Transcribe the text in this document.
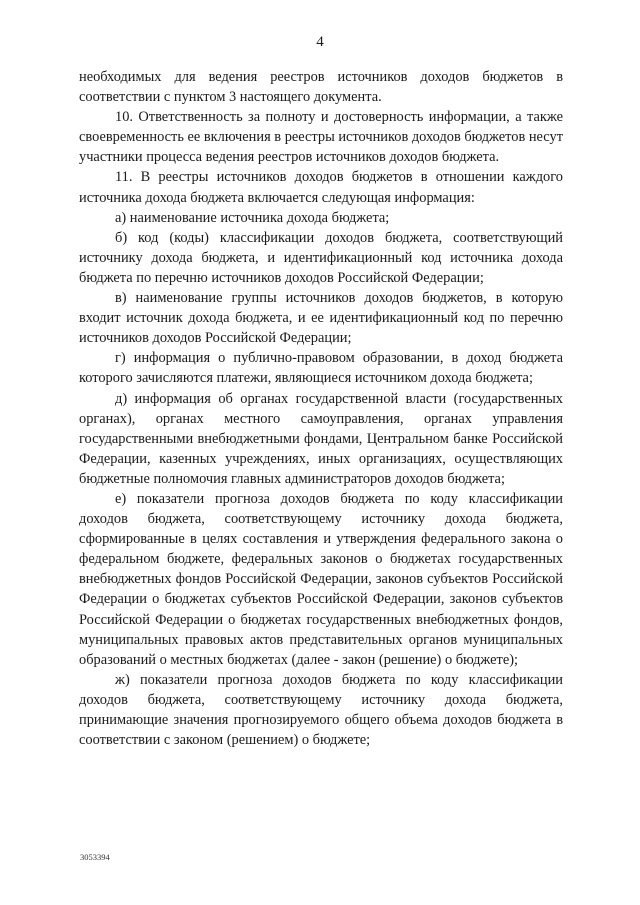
4

необходимых для ведения реестров источников доходов бюджетов в соответствии с пунктом 3 настоящего документа.

10. Ответственность за полноту и достоверность информации, а также своевременность ее включения в реестры источников доходов бюджетов несут участники процесса ведения реестров источников доходов бюджета.

11. В реестры источников доходов бюджетов в отношении каждого источника дохода бюджета включается следующая информация:

а) наименование источника дохода бюджета;

б) код (коды) классификации доходов бюджета, соответствующий источнику дохода бюджета, и идентификационный код источника дохода бюджета по перечню источников доходов Российской Федерации;

в) наименование группы источников доходов бюджетов, в которую входит источник дохода бюджета, и ее идентификационный код по перечню источников доходов Российской Федерации;

г) информация о публично-правовом образовании, в доход бюджета которого зачисляются платежи, являющиеся источником дохода бюджета;

д) информация об органах государственной власти (государственных органах), органах местного самоуправления, органах управления государственными внебюджетными фондами, Центральном банке Российской Федерации, казенных учреждениях, иных организациях, осуществляющих бюджетные полномочия главных администраторов доходов бюджета;

е) показатели прогноза доходов бюджета по коду классификации доходов бюджета, соответствующему источнику дохода бюджета, сформированные в целях составления и утверждения федерального закона о федеральном бюджете, федеральных законов о бюджетах государственных внебюджетных фондов Российской Федерации, законов субъектов Российской Федерации о бюджетах субъектов Российской Федерации, законов субъектов Российской Федерации о бюджетах государственных внебюджетных фондов, муниципальных правовых актов представительных органов муниципальных образований о местных бюджетах (далее - закон (решение) о бюджете);

ж) показатели прогноза доходов бюджета по коду классификации доходов бюджета, соответствующему источнику дохода бюджета, принимающие значения прогнозируемого общего объема доходов бюджета в соответствии с законом (решением) о бюджете;

3053394
